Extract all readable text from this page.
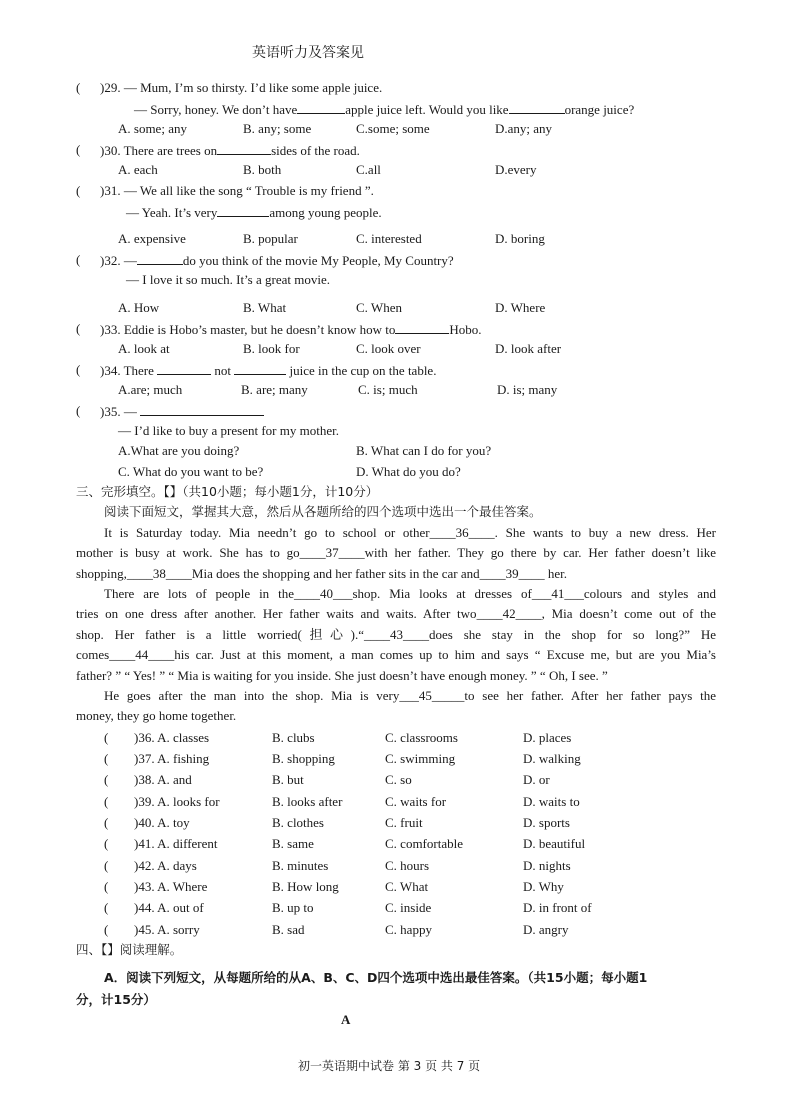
英语听力及答案见
( )29. — Mum, I’m so thirsty. I’d like some apple juice.
— Sorry, honey. We don’t have	apple juice left. Would you like	orange juice?
A. some; any	B. any; some	C.some; some	D.any; any
( )30. There are trees on	sides of the road.
A. each	B. both	C.all	D.every
( )31. — We all like the song “ Trouble is my friend ”.
— Yeah. It’s very	among young people.
A. expensive	B. popular	C. interested	D. boring
( )32. —	do you think of the movie My People, My Country?
— I love it so much. It’s a great movie.
A. How	B. What	C. When	D. Where
( )33. Eddie is Hobo’s master, but he doesn’t know how to	Hobo.
A. look at	B. look for	C. look over	D. look after
( )34. There	not	juice in the cup on the table.
A.are; much	B. are; many	C. is; much	D. is; many
( )35. —
— I’d like to buy a present for my mother.
A.What are you doing?	B. What can I do for you?
C. What do you want to be?	D. What do you do?
三、完形填空。【】（共10小题；每小题1分，计10分）
阅读下面短文，掌握其大意，然后从各题所给的四个选项中选出一个最佳答案。
It is Saturday today. Mia needn’t go to school or other____36____. She wants to buy a new dress. Her
mother is busy at work. She has to go____37____with her father. They go there by car. Her father doesn’t like
shopping,____38____Mia does the shopping and her father sits in the car and____39____ her.
There are lots of people in the____40___shop. Mia looks at dresses of___41___colours and styles and
tries on one dress after another. Her father waits and waits. After two____42____, Mia doesn’t come out of the
shop. Her father is a little worried(担心).“____43____does she stay in the shop for so long?” He
comes____44____his car. Just at this moment, a man comes up to him and says “ Excuse me, but are you Mia’s
father? ” “ Yes! ” “ Mia is waiting for you inside. She just doesn’t have enough money. ” “ Oh, I see. ”
He goes after the man into the shop. Mia is very___45_____to see her father. After her father pays the
money, they go home together.
( )36. A. classes	B. clubs	C. classrooms	D. places
( )37. A. fishing	B. shopping	C. swimming	D. walking
( )38. A. and	B. but	C. so	D. or
( )39. A. looks for	B. looks after	C. waits for	D. waits to
( )40. A. toy	B. clothes	C. fruit	D. sports
( )41. A. different	B. same	C. comfortable	D. beautiful
( )42. A. days	B. minutes	C. hours	D. nights
( )43. A. Where	B. How long	C. What	D. Why
( )44. A. out of	B. up to	C. inside	D. in front of
( )45. A. sorry	B. sad	C. happy	D. angry
四、【】阅读理解。
A．阅读下列短文，从每题所给的从A、B、C、D四个选项中选出最佳答案。（共15小题；每小题1
分，计15分）
A
初一英语期中试卷 第 3 页 共 7 页
